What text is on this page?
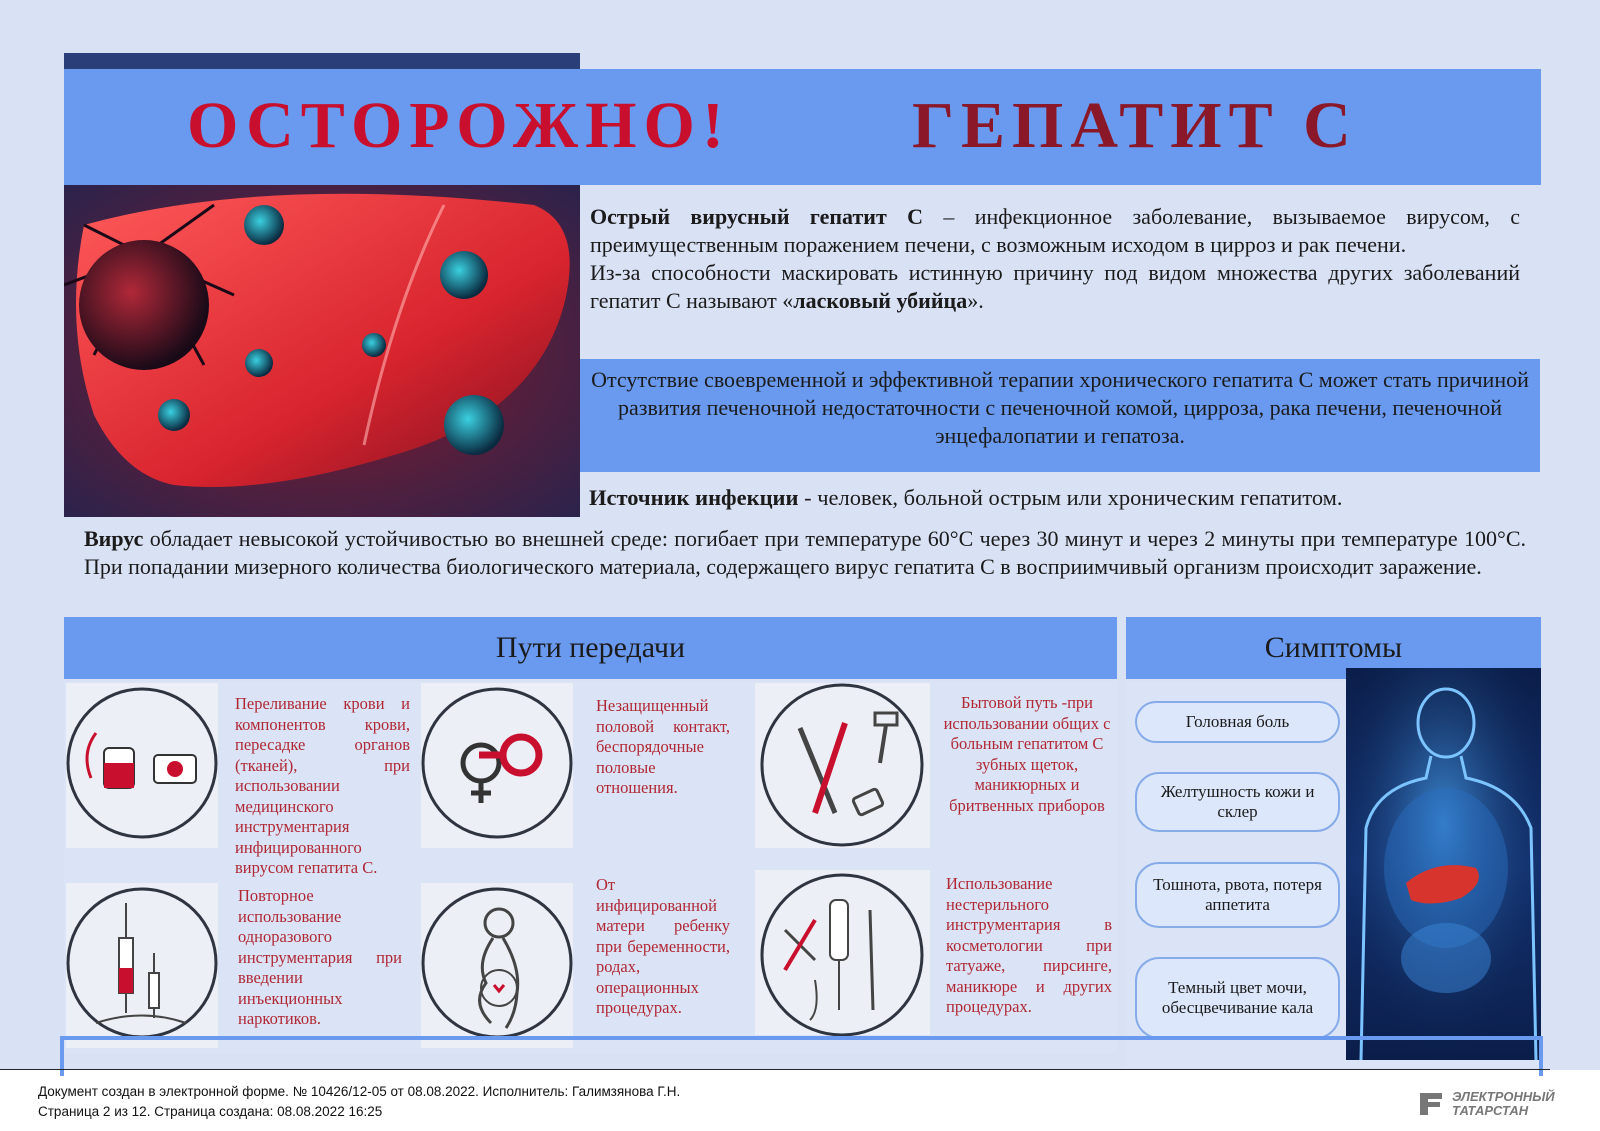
ОСТОРОЖНО!	ГЕПАТИТ С

Острый вирусный гепатит С – инфекционное заболевание, вызываемое вирусом, с преимущественным поражением печени, с возможным исходом в цирроз и рак печени.

Из-за способности маскировать истинную причину под видом множества других заболеваний гепатит С называют «ласковый убийца».

Отсутствие своевременной и эффективной терапии хронического гепатита С может стать причиной развития печеночной недостаточности с печеночной комой, цирроза, рака печени, печеночной энцефалопатии и гепатоза.
Источник инфекции - человек, больной острым или хроническим гепатитом.
Вирус обладает невысокой устойчивостью во внешней среде: погибает при температуре 60°С через 30 минут и через 2 минуты при температуре 100°С. При попадании мизерного количества биологического материала, содержащего вирус гепатита С в восприимчивый организм происходит заражение.
Пути передачи
Переливание крови и компонентов крови, пересадке органов (тканей), при использовании медицинского инструментария инфицированного вирусом гепатита С.
Незащищенный половой контакт, беспорядочные половые отношения.
Бытовой путь -при использовании общих с больным гепатитом С зубных щеток, маникюрных и бритвенных приборов
Повторное использование одноразового инструментария при введении инъекционных наркотиков.
От инфицированной матери ребенку при беременности, родах, операционных процедурах.
Использование нестерильного инструментария в косметологии при татуаже, пирсинге, маникюре и других процедурах.
Симптомы
Головная боль
Желтушность кожи и склер
Тошнота, рвота, потеря аппетита
Темный цвет мочи, обесцвечивание кала
Документ создан в электронной форме. № 10426/12-05 от 08.08.2022. Исполнитель: Галимзянова Г.Н.
Страница 2 из 12. Страница создана: 08.08.2022 16:25
ЭЛЕКТРОННЫЙ
ТАТАРСТАН
